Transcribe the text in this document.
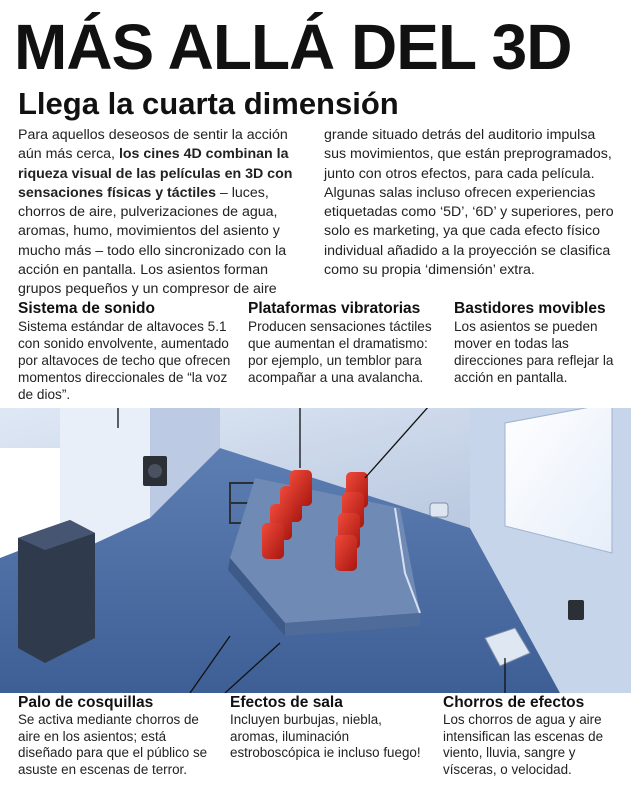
MÁS ALLÁ DEL 3D
Llega la cuarta dimensión
Para aquellos deseosos de sentir la acción aún más cerca, los cines 4D combinan la riqueza visual de las películas en 3D con sensaciones físicas y táctiles – luces, chorros de aire, pulverizaciones de agua, aromas, humo, movimientos del asiento y mucho más – todo ello sincronizado con la acción en pantalla. Los asientos forman grupos pequeños y un compresor de aire
grande situado detrás del auditorio impulsa sus movimientos, que están preprogramados, junto con otros efectos, para cada película. Algunas salas incluso ofrecen experiencias etiquetadas como ‘5D’, ‘6D’ y superiores, pero solo es marketing, ya que cada efecto físico individual añadido a la proyección se clasifica como su propia ‘dimensión’ extra.
Sistema de sonido

Sistema estándar de altavoces 5.1 con sonido envolvente, aumentado por altavoces de techo que ofrecen momentos direccionales de “la voz de dios”.

Plataformas vibratorias

Producen sensaciones táctiles que aumentan el dramatismo: por ejemplo, un temblor para acompañar a una avalancha.

Bastidores movibles

Los asientos se pueden mover en todas las direcciones para reflejar la acción en pantalla.

Palo de cosquillas

Se activa mediante chorros de aire en los asientos; está diseñado para que el público se asuste en escenas de terror.

Efectos de sala

Incluyen burbujas, niebla, aromas, iluminación estroboscópica ie incluso fuego!

Chorros de efectos

Los chorros de agua y aire intensifican las escenas de viento, lluvia, sangre y vísceras, o velocidad.
